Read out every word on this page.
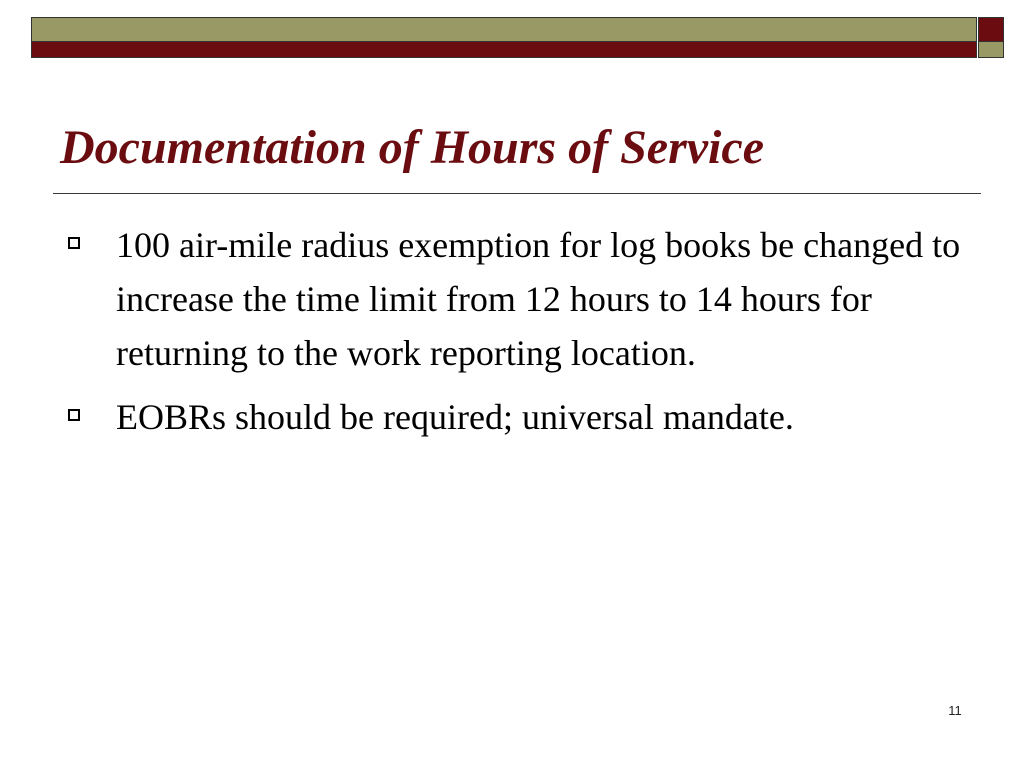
Documentation of Hours of Service
100 air-mile radius exemption for log books be changed to increase the time limit from 12 hours to 14 hours for returning to the work reporting location.
EOBRs should be required; universal mandate.
11
